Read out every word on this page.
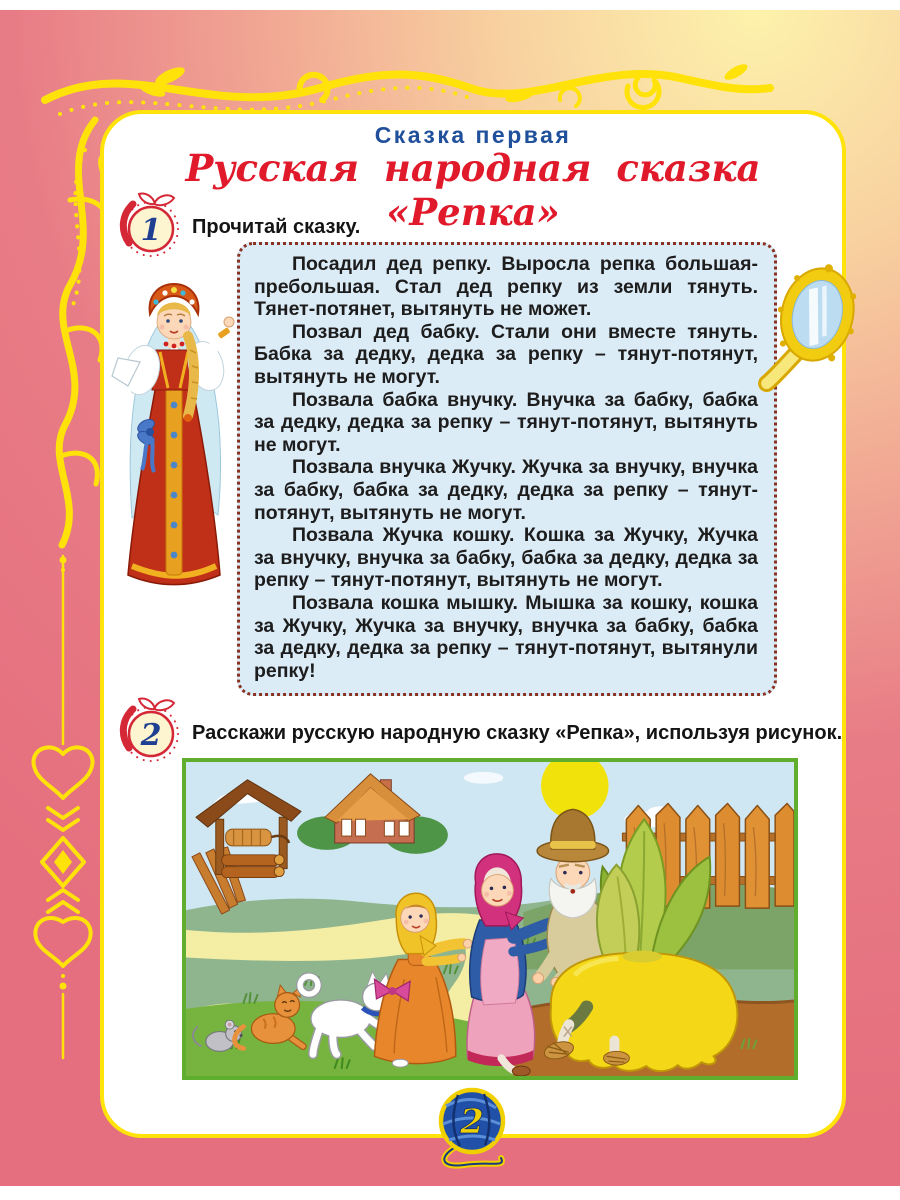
Сказка первая
Русская народная сказка «Репка»
1 Прочитай сказку.

Посадил дед репку. Выросла репка большая-пребольшая. Стал дед репку из земли тянуть. Тянет-потянет, вытянуть не может.

Позвал дед бабку. Стали они вместе тянуть. Бабка за дедку, дедка за репку – тянут-потянут, вытянуть не могут.

Позвала бабка внучку. Внучка за бабку, бабка за дедку, дедка за репку – тянут-потянут, вытянуть не могут.

Позвала внучка Жучку. Жучка за внучку, внучка за бабку, бабка за дедку, дедка за репку – тянут-потянут, вытянуть не могут.

Позвала Жучка кошку. Кошка за Жучку, Жучка за внучку, внучка за бабку, бабка за дедку, дедка за репку – тянут-потянут, вытянуть не могут.

Позвала кошка мышку. Мышка за кошку, кошка за Жучку, Жучка за внучку, внучка за бабку, бабка за дедку, дедка за репку – тянут-потянут, вытянули репку!

2 Расскажи русскую народную сказку «Репка», используя рисунок.
2
